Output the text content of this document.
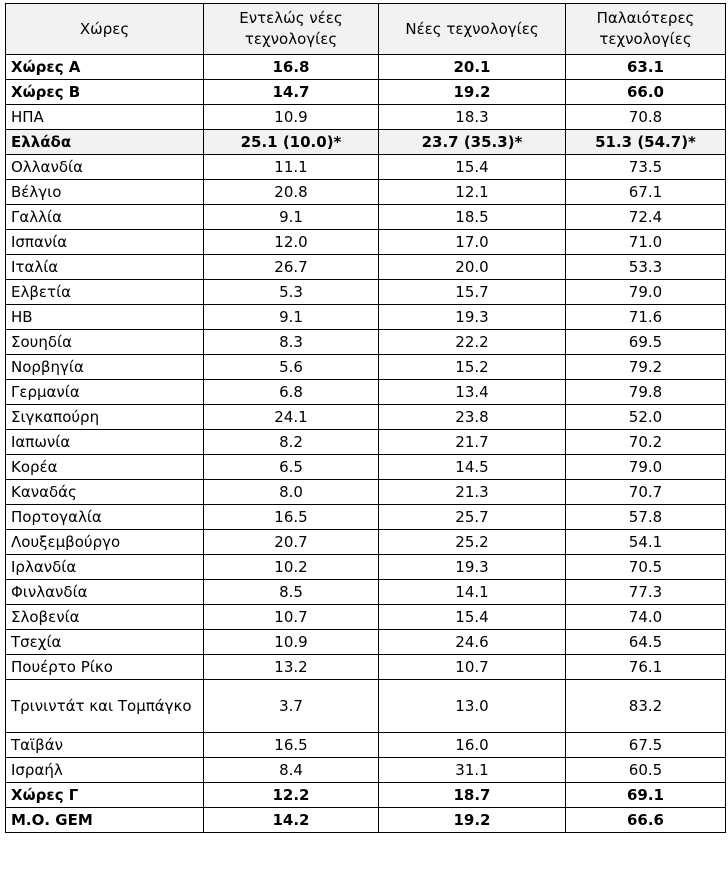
Χώρες	Εντελώς νέες τεχνολογίες	Νέες τεχνολογίες	Παλαιότερες τεχνολογίες
Χώρες Α	16.8	20.1	63.1
Χώρες Β	14.7	19.2	66.0
ΗΠΑ	10.9	18.3	70.8
Ελλάδα	25.1 (10.0)*	23.7 (35.3)*	51.3 (54.7)*
Ολλανδία	11.1	15.4	73.5
Βέλγιο	20.8	12.1	67.1
Γαλλία	9.1	18.5	72.4
Ισπανία	12.0	17.0	71.0
Ιταλία	26.7	20.0	53.3
Ελβετία	5.3	15.7	79.0
ΗΒ	9.1	19.3	71.6
Σουηδία	8.3	22.2	69.5
Νορβηγία	5.6	15.2	79.2
Γερμανία	6.8	13.4	79.8
Σιγκαπούρη	24.1	23.8	52.0
Ιαπωνία	8.2	21.7	70.2
Κορέα	6.5	14.5	79.0
Καναδάς	8.0	21.3	70.7
Πορτογαλία	16.5	25.7	57.8
Λουξεμβούργο	20.7	25.2	54.1
Ιρλανδία	10.2	19.3	70.5
Φινλανδία	8.5	14.1	77.3
Σλοβενία	10.7	15.4	74.0
Τσεχία	10.9	24.6	64.5
Πουέρτο Ρίκο	13.2	10.7	76.1
Τρινιντάτ και Τομπάγκο	3.7	13.0	83.2
Ταϊβάν	16.5	16.0	67.5
Ισραήλ	8.4	31.1	60.5
Χώρες Γ	12.2	18.7	69.1
Μ.Ο. GEM	14.2	19.2	66.6
